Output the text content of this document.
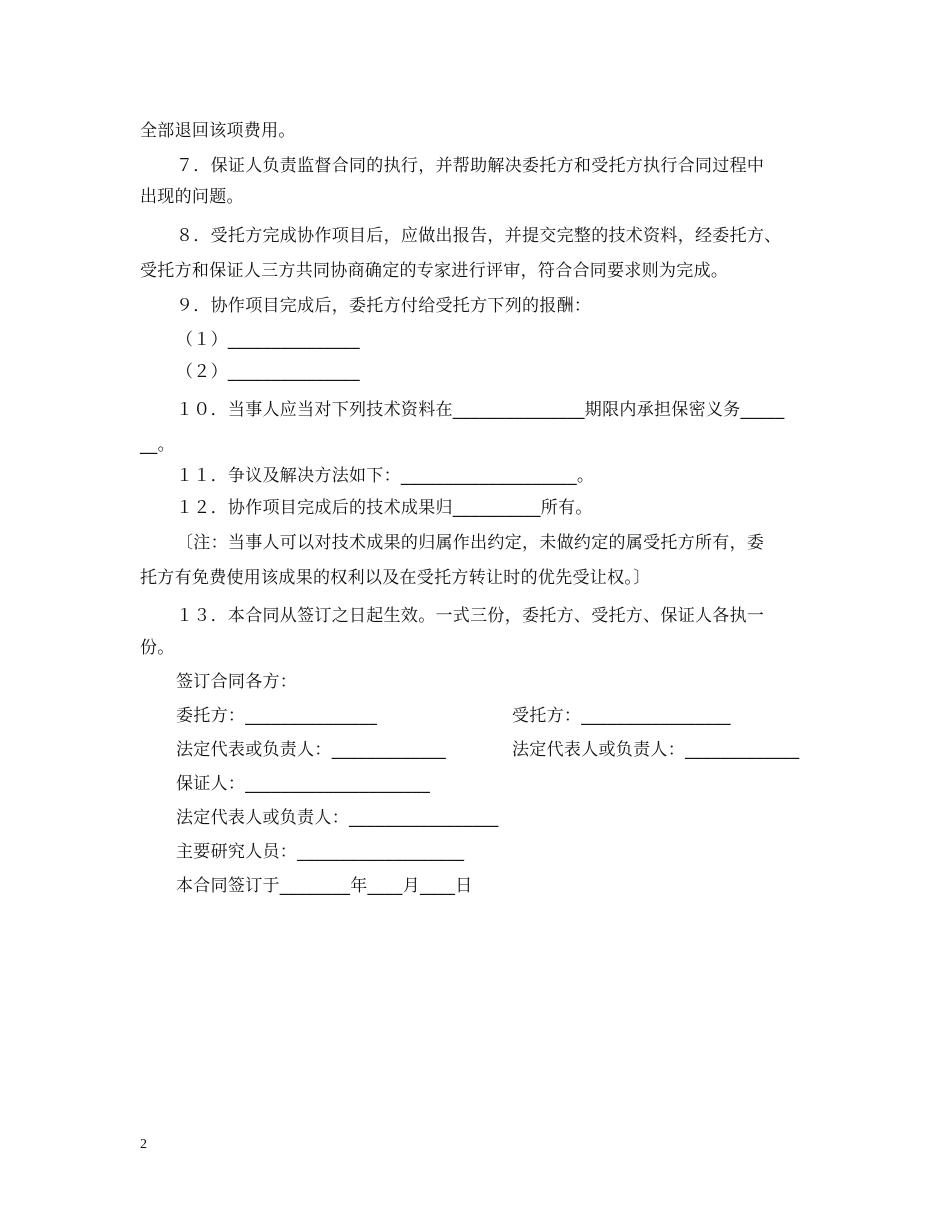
全部退回该项费用。
７．保证人负责监督合同的执行，并帮助解决委托方和受托方执行合同过程中
出现的问题。
８．受托方完成协作项目后，应做出报告，并提交完整的技术资料，经委托方、
受托方和保证人三方共同协商确定的专家进行评审，符合合同要求则为完成。
９．协作项目完成后，委托方付给受托方下列的报酬：
（１）_______________
（２）_______________
１０．当事人应当对下列技术资料在_______________期限内承担保密义务_____
__。
１１．争议及解决方法如下：____________________。
１２．协作项目完成后的技术成果归__________所有。
〔注：当事人可以对技术成果的归属作出约定，未做约定的属受托方所有，委
托方有免费使用该成果的权利以及在受托方转让时的优先受让权。〕
１３．本合同从签订之日起生效。一式三份，委托方、受托方、保证人各执一
份。
签订合同各方：
委托方：_______________	受托方：_________________
法定代表或负责人：_____________	法定代表人或负责人：_____________
保证人：_____________________
法定代表人或负责人：_________________
主要研究人员：___________________
本合同签订于________年____月____日
2
